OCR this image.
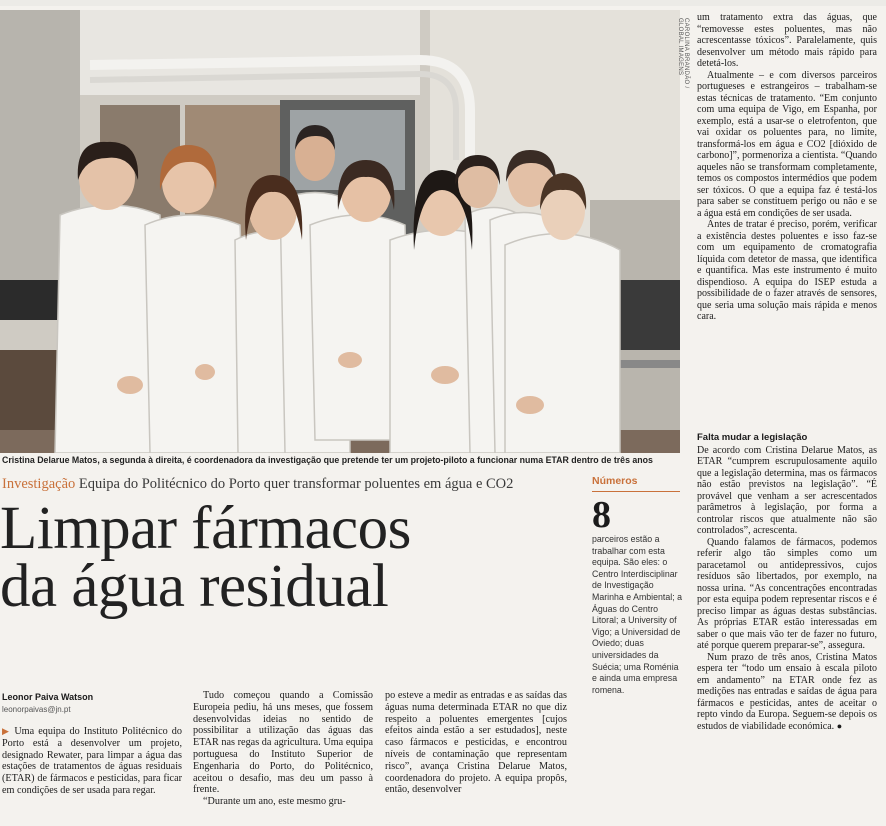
CAROLINA BRANDÃO / GLOBAL IMAGENS
Cristina Delarue Matos, a segunda à direita, é coordenadora da investigação que pretende ter um projeto-piloto a funcionar numa ETAR dentro de três anos
Investigação Equipa do Politécnico do Porto quer transformar poluentes em água e CO2
Limpar fármacos
da água residual
Leonor Paiva Watson
leonorpaivas@jn.pt

▶ Uma equipa do Instituto Politécnico do Porto está a desenvolver um projeto, designado Rewater, para limpar a água das estações de tratamentos de águas residuais (ETAR) de fármacos e pesticidas, para ficar em condições de ser usada para regar.

Tudo começou quando a Comissão Europeia pediu, há uns meses, que fossem desenvolvidas ideias no sentido de possibilitar a utilização das águas das ETAR nas regas da agricultura. Uma equipa portuguesa do Instituto Superior de Engenharia do Porto, do Politécnico, aceitou o desafio, mas deu um passo à frente.

“Durante um ano, este mesmo gru-

po esteve a medir as entradas e as saídas das águas numa determinada ETAR no que diz respeito a poluentes emergentes [cujos efeitos ainda estão a ser estudados], neste caso fármacos e pesticidas, e encontrou níveis de contaminação que representam risco”, avança Cristina Delarue Matos, coordenadora do projeto. A equipa propôs, então, desenvolver

Números
8
parceiros estão a trabalhar com esta equipa. São eles: o Centro Interdisciplinar de Investigação Marinha e Ambiental; a Águas do Centro Litoral; a University of Vigo; a Universidad de Oviedo; duas universidades da Suécia; uma Roménia e ainda uma empresa romena.

um tratamento extra das águas, que “removesse estes poluentes, mas não acrescentasse tóxicos”. Paralelamente, quis desenvolver um método mais rápido para detetá-los.

Atualmente – e com diversos parceiros portugueses e estrangeiros – trabalham-se estas técnicas de tratamento. “Em conjunto com uma equipa de Vigo, em Espanha, por exemplo, está a usar-se o eletrofenton, que vai oxidar os poluentes para, no limite, transformá-los em água e CO2 [dióxido de carbono]”, pormenoriza a cientista. “Quando aqueles não se transformam completamente, temos os compostos intermédios que podem ser tóxicos. O que a equipa faz é testá-los para saber se constituem perigo ou não e se a água está em condições de ser usada.

Antes de tratar é preciso, porém, verificar a existência destes poluentes e isso faz-se com um equipamento de cromatografia líquida com detetor de massa, que identifica e quantifica. Mas este instrumento é muito dispendioso. A equipa do ISEP estuda a possibilidade de o fazer através de sensores, que seria uma solução mais rápida e menos cara.

Falta mudar a legislação

De acordo com Cristina Delarue Matos, as ETAR “cumprem escrupulosamente aquilo que a legislação determina, mas os fármacos não estão previstos na legislação”. “É provável que venham a ser acrescentados parâmetros à legislação, por forma a controlar riscos que atualmente não são controlados”, acrescenta.

Quando falamos de fármacos, podemos referir algo tão simples como um paracetamol ou antidepressivos, cujos resíduos são libertados, por exemplo, na nossa urina. “As concentrações encontradas por esta equipa podem representar riscos e é preciso limpar as águas destas substâncias. As próprias ETAR estão interessadas em saber o que mais vão ter de fazer no futuro, até porque querem preparar-se”, assegura.

Num prazo de três anos, Cristina Matos espera ter “todo um ensaio à escala piloto em andamento” na ETAR onde fez as medições nas entradas e saídas de água para fármacos e pesticidas, antes de aceitar o repto vindo da Europa. Seguem-se depois os estudos de viabilidade económica. ●
